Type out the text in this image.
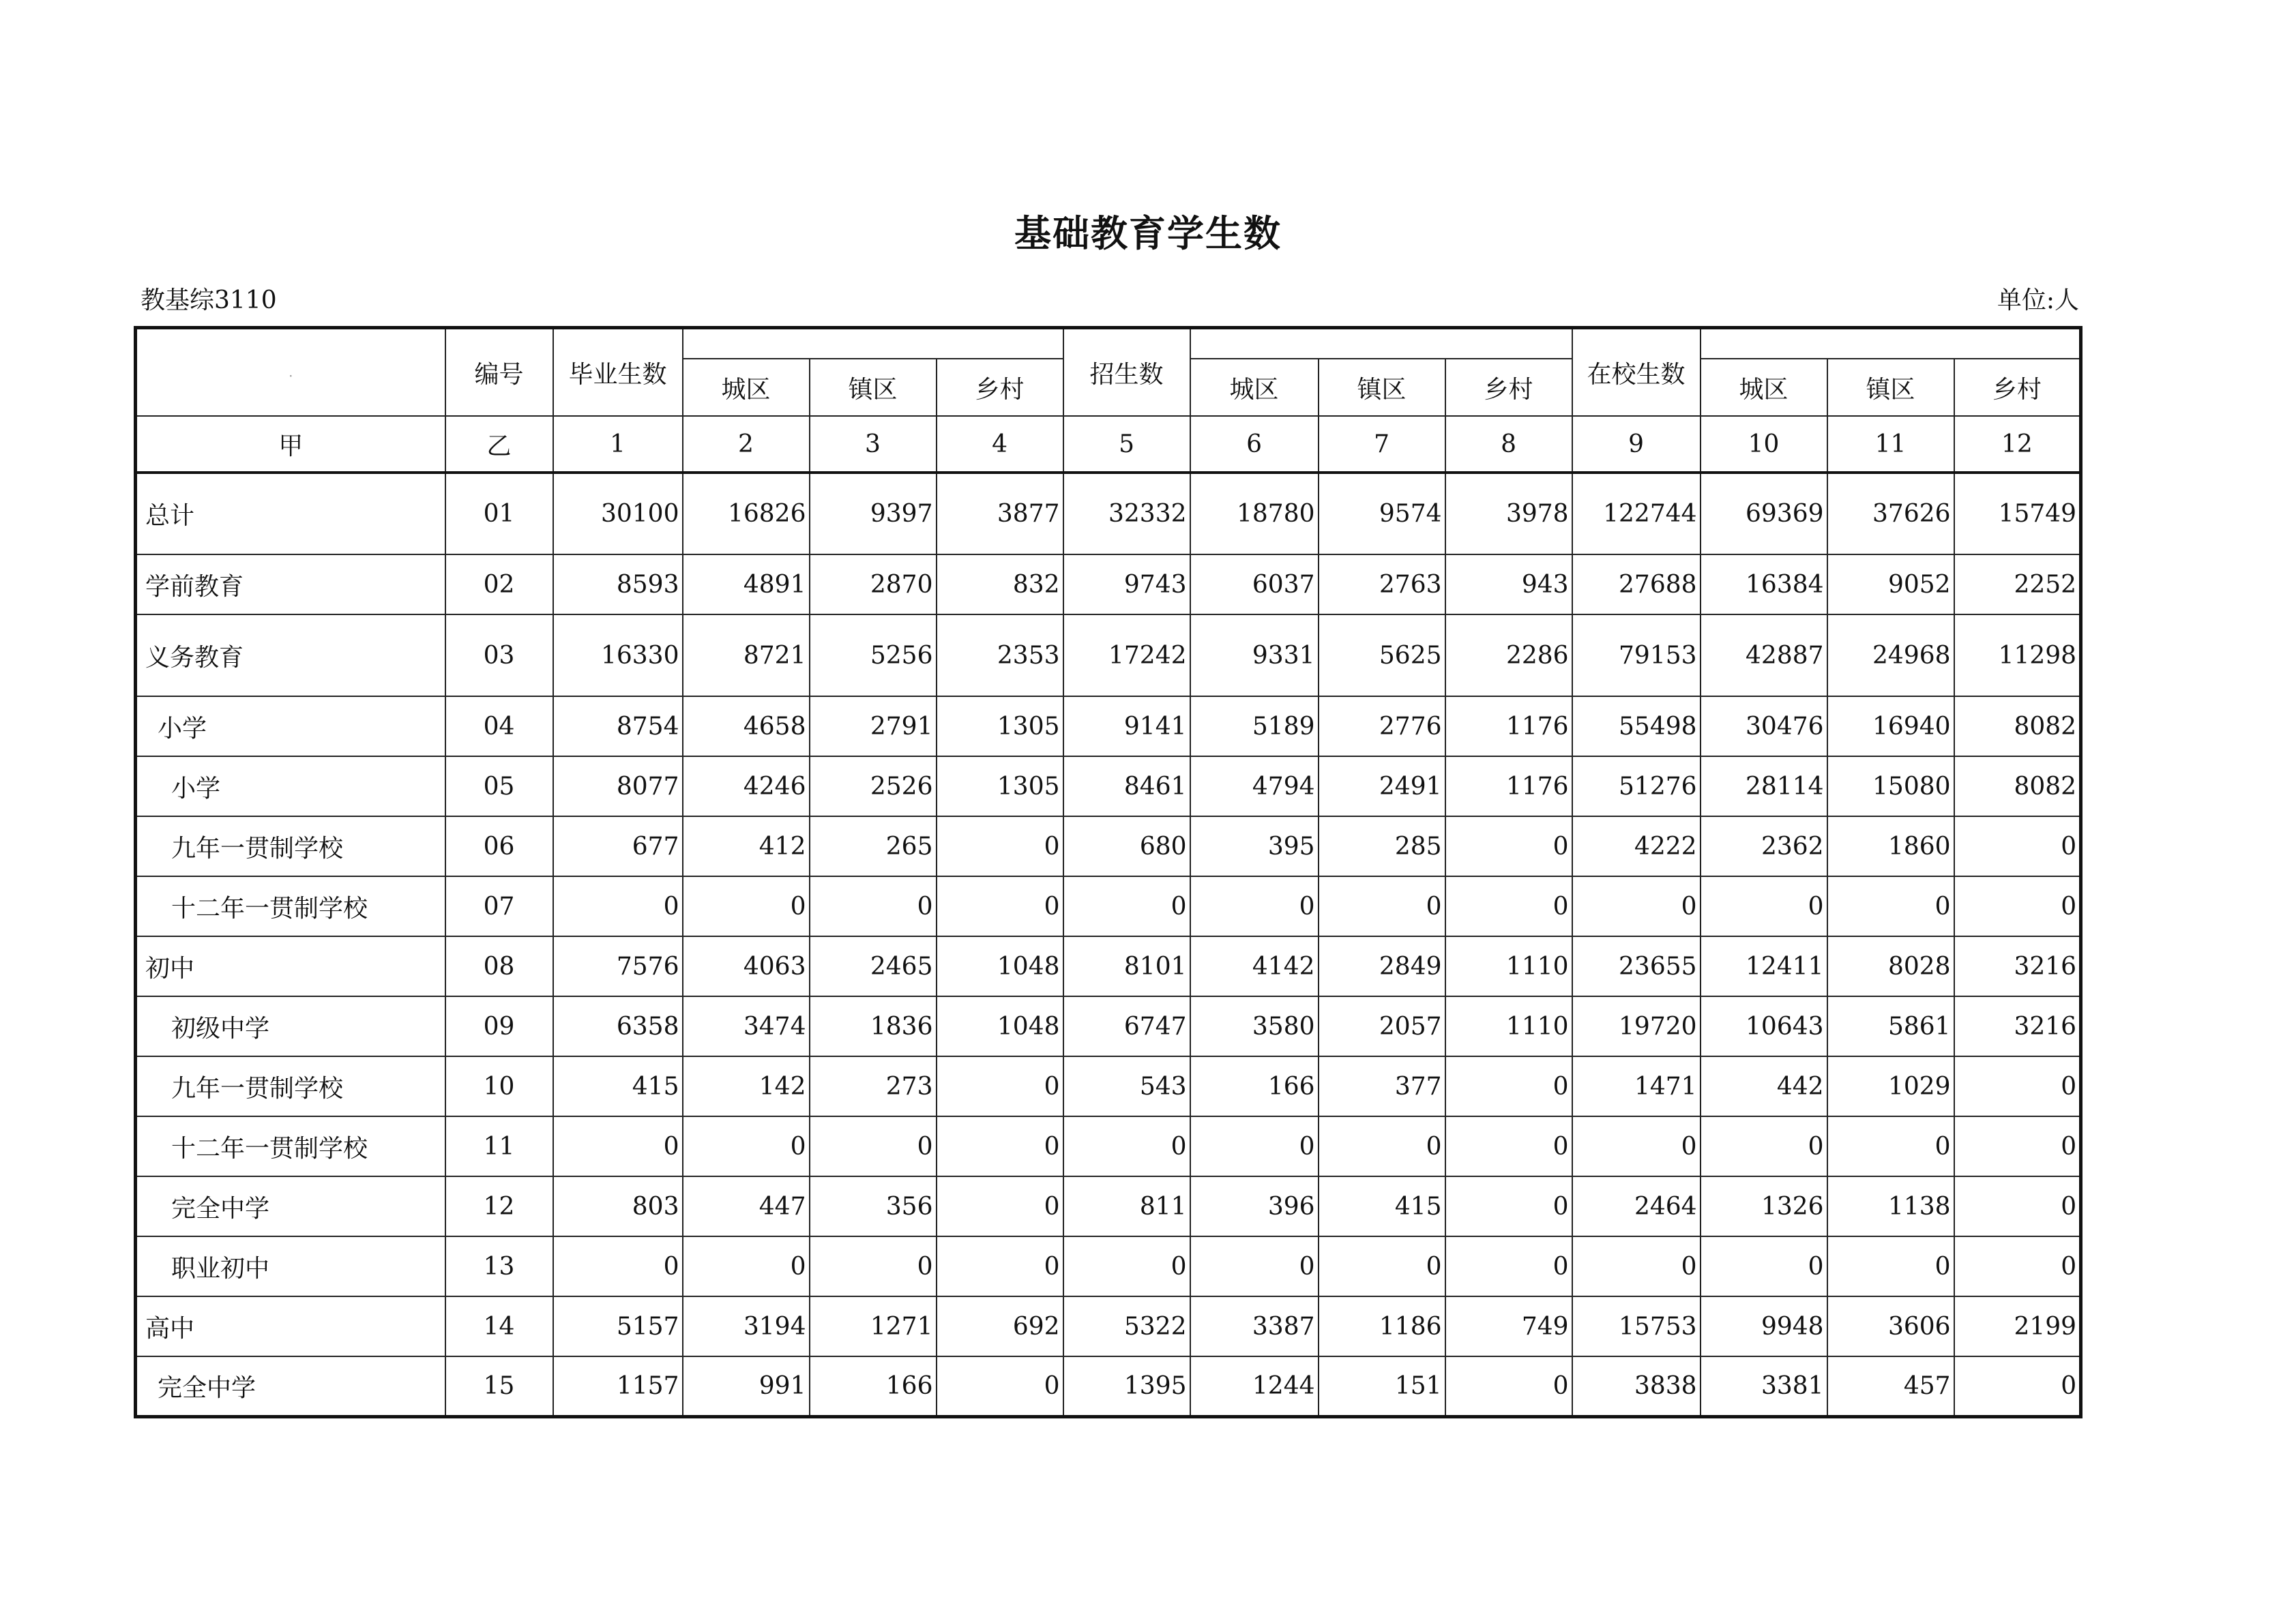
基础教育学生数
教基综3110	单位:人
·	编号	毕业生数				招生数				在校生数			
			城区	镇区	乡村		城区	镇区	乡村		城区	镇区	乡村
甲	乙	1	2	3	4	5	6	7	8	9	10	11	12
总计	01	30100	16826	9397	3877	32332	18780	9574	3978	122744	69369	37626	15749
学前教育	02	8593	4891	2870	832	9743	6037	2763	943	27688	16384	9052	2252
义务教育	03	16330	8721	5256	2353	17242	9331	5625	2286	79153	42887	24968	11298
小学	04	8754	4658	2791	1305	9141	5189	2776	1176	55498	30476	16940	8082
小学	05	8077	4246	2526	1305	8461	4794	2491	1176	51276	28114	15080	8082
九年一贯制学校	06	677	412	265	0	680	395	285	0	4222	2362	1860	0
十二年一贯制学校	07	0	0	0	0	0	0	0	0	0	0	0	0
初中	08	7576	4063	2465	1048	8101	4142	2849	1110	23655	12411	8028	3216
初级中学	09	6358	3474	1836	1048	6747	3580	2057	1110	19720	10643	5861	3216
九年一贯制学校	10	415	142	273	0	543	166	377	0	1471	442	1029	0
十二年一贯制学校	11	0	0	0	0	0	0	0	0	0	0	0	0
完全中学	12	803	447	356	0	811	396	415	0	2464	1326	1138	0
职业初中	13	0	0	0	0	0	0	0	0	0	0	0	0
高中	14	5157	3194	1271	692	5322	3387	1186	749	15753	9948	3606	2199
完全中学	15	1157	991	166	0	1395	1244	151	0	3838	3381	457	0
